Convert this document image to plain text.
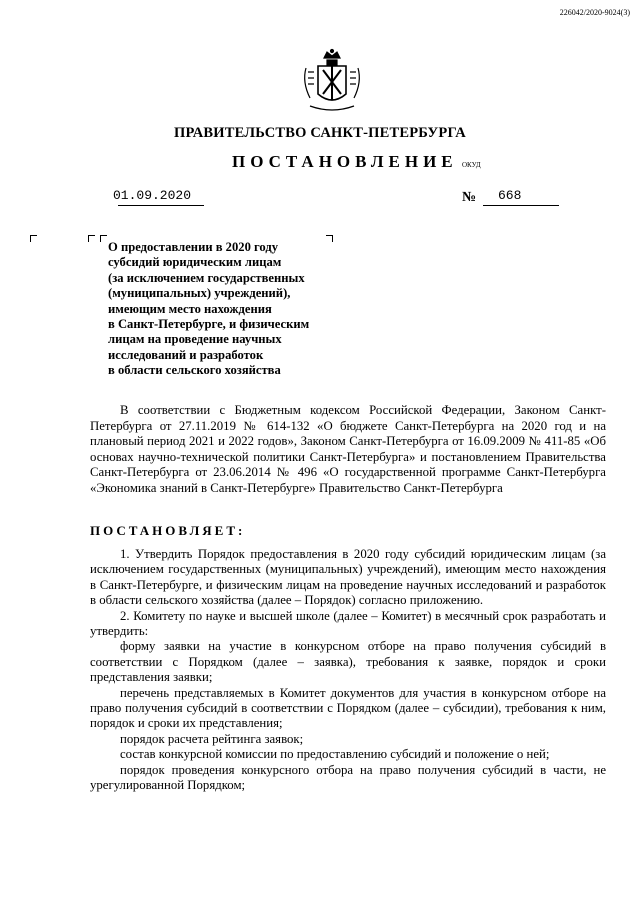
226042/2020-9024(3)
ПРАВИТЕЛЬСТВО САНКТ-ПЕТЕРБУРГА
ПОСТАНОВЛЕНИЕ ОКУД
01.09.2020	№ 668
О предоставлении в 2020 году
субсидий юридическим лицам
(за исключением государственных
(муниципальных) учреждений),
имеющим место нахождения
в Санкт-Петербурге, и физическим
лицам на проведение научных
исследований и разработок
в области сельского хозяйства
В соответствии с Бюджетным кодексом Российской Федерации, Законом Санкт-Петербурга от 27.11.2019 № 614-132 «О бюджете Санкт-Петербурга на 2020 год и на плановый период 2021 и 2022 годов», Законом Санкт-Петербурга от 16.09.2009 № 411-85 «Об основах научно-технической политики Санкт-Петербурга» и постановлением Правительства Санкт-Петербурга от 23.06.2014 № 496 «О государственной программе Санкт-Петербурга «Экономика знаний в Санкт-Петербурге» Правительство Санкт-Петербурга
ПОСТАНОВЛЯЕТ:

1. Утвердить Порядок предоставления в 2020 году субсидий юридическим лицам (за исключением государственных (муниципальных) учреждений), имеющим место нахождения в Санкт-Петербурге, и физическим лицам на проведение научных исследований и разработок в области сельского хозяйства (далее – Порядок) согласно приложению.

2. Комитету по науке и высшей школе (далее – Комитет) в месячный срок разработать и утвердить:

форму заявки на участие в конкурсном отборе на право получения субсидий в соответствии с Порядком (далее – заявка), требования к заявке, порядок и сроки представления заявки;

перечень представляемых в Комитет документов для участия в конкурсном отборе на право получения субсидий в соответствии с Порядком (далее – субсидии), требования к ним, порядок и сроки их представления;

порядок расчета рейтинга заявок;

состав конкурсной комиссии по предоставлению субсидий и положение о ней;

порядок проведения конкурсного отбора на право получения субсидий в части, не урегулированной Порядком;
